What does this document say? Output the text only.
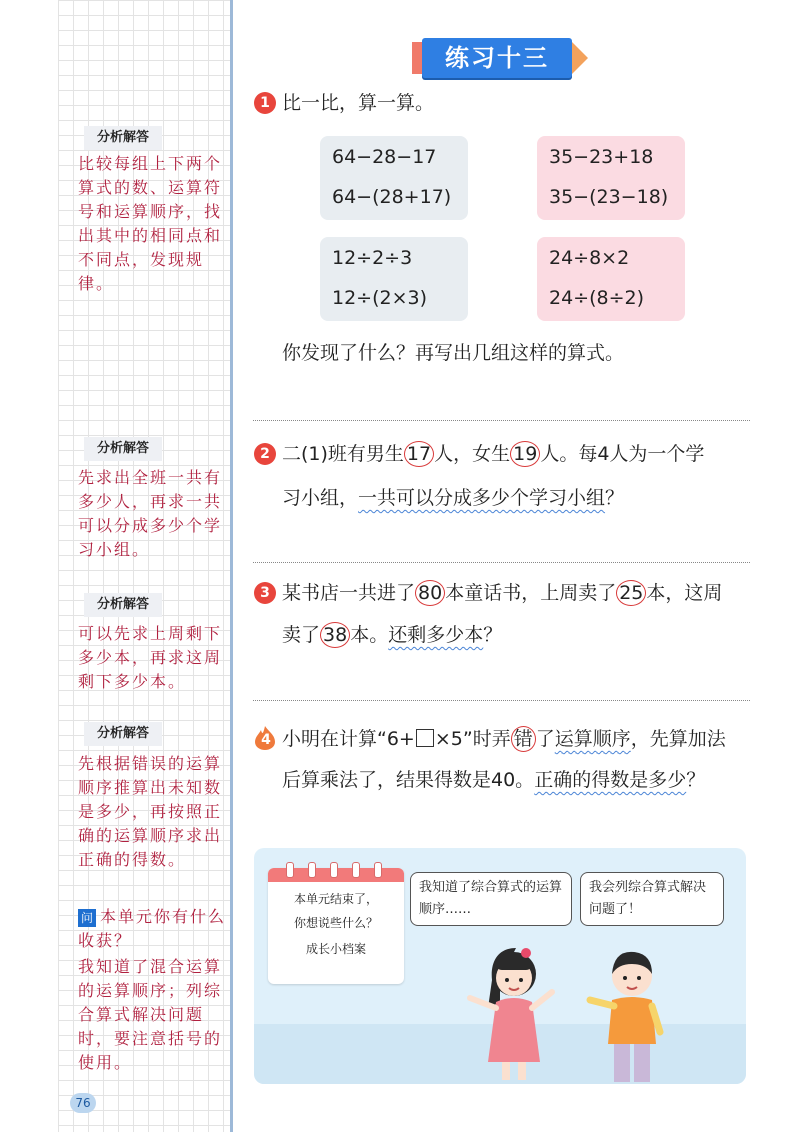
分析解答
比较每组上下两个算式的数、运算符号和运算顺序，找出其中的相同点和不同点，发现规律。
分析解答
先求出全班一共有多少人，再求一共可以分成多少个学习小组。
分析解答
可以先求上周剩下多少本，再求这周剩下多少本。
分析解答
先根据错误的运算顺序推算出未知数是多少，再按照正确的运算顺序求出正确的得数。
问 本单元你有什么收获？
我知道了混合运算的运算顺序；列综合算式解决问题时，要注意括号的使用。
76
练习十三
1 比一比，算一算。
64−28−17
64−(28+17)
35−23+18
35−(23−18)
12÷2÷3
12÷(2×3)
24÷8×2
24÷(8÷2)
你发现了什么？再写出几组这样的算式。
2 二(1)班有男生 17 人，女生 19 人。每4人为一个学
习小组，一共可以分成多少个学习小组？
3 某书店一共进了 80 本童话书，上周卖了 25 本，这周
卖了 38 本。还剩多少本？
4 小明在计算“6+ ×5”时弄 错 了运算顺序，先算加法
后算乘法了，结果得数是40。正确的得数是多少？
本单元结束了，
你想说些什么？
成长小档案
我知道了综合算式的运算顺序……
我会列综合算式解决问题了！
